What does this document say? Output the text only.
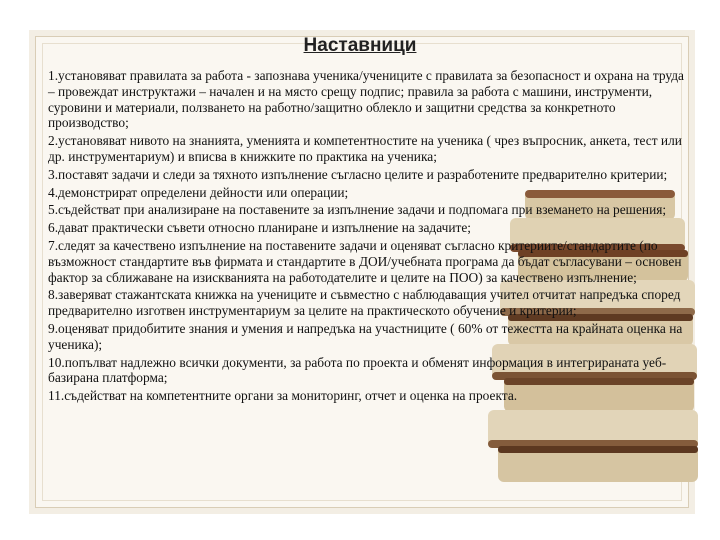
Наставници
1.установяват правилата за работа - запознава ученика/учениците с правилата за безопасност и охрана на труда – провеждат инструктажи – начален и на място срещу подпис; правила за работа с машини, инструменти, суровини и материали, ползването на работно/защитно облекло и защитни средства за конкретното производство;
2.установяват нивото на знанията, уменията и компетентностите на ученика ( чрез въпросник, анкета, тест или др. инструментариум) и вписва в книжките по практика на ученика;
3.поставят задачи и следи за тяхното изпълнение съгласно целите и разработените предварително критерии;
4.демонстрират определени дейности или операции;
5.съдействат при анализиране на поставените за изпълнение задачи и подпомага при вземането на решения;
6.дават практически съвети относно планиране и изпълнение на задачите;
7.следят за качествено изпълнение на поставените задачи и оценяват съгласно критериите/стандартите (по възможност стандартите във фирмата и стандартите в ДОИ/учебната програма да бъдат съгласувани – основен фактор за сближаване на изискванията на работодателите и целите на ПОО) за качествено изпълнение;
8.заверяват стажантската книжка на учениците и съвместно с наблюдаващия учител отчитат напредъка според предварително изготвен инструментариум за целите на практическото обучение и критерии;
9.оценяват придобитите знания и умения и напредъка на участниците ( 60% от тежестта на крайната оценка на ученика);
10.попълват надлежно всички документи, за работа по проекта и обменят информация в интегрираната уеб-базирана платформа;
11.съдействат на компетентните органи за мониторинг, отчет и оценка на проекта.
